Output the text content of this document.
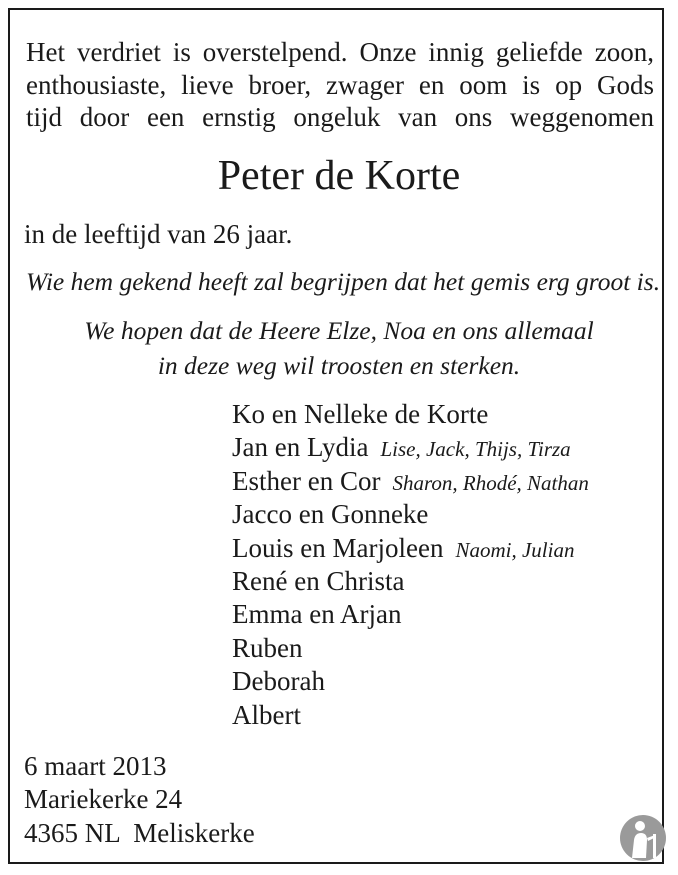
Het verdriet is overstelpend. Onze innig geliefde zoon,
enthousiaste, lieve broer, zwager en oom is op Gods
tijd door een ernstig ongeluk van ons weggenomen
Peter de Korte
in de leeftijd van 26 jaar.
Wie hem gekend heeft zal begrijpen dat het gemis erg groot is.
We hopen dat de Heere Elze, Noa en ons allemaal
in deze weg wil troosten en sterken.
Ko en Nelleke de Korte
Jan en Lydia Lise, Jack, Thijs, Tirza
Esther en Cor Sharon, Rhodé, Nathan
Jacco en Gonneke
Louis en Marjoleen Naomi, Julian
René en Christa
Emma en Arjan
Ruben
Deborah
Albert
6 maart 2013
Mariekerke 24
4365 NL  Meliskerke
